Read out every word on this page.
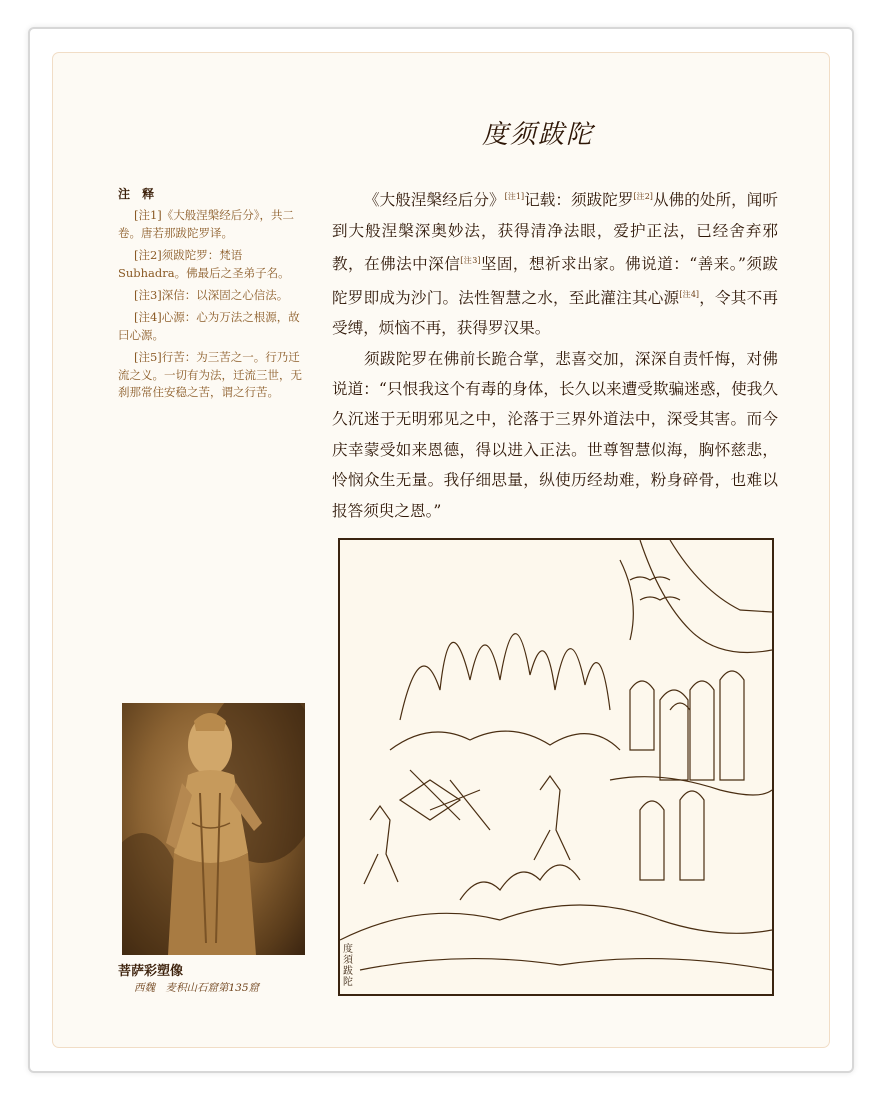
度须跋陀
注 释

[注1]《大般涅槃经后分》，共二卷。唐若那跋陀罗译。

[注2]须跋陀罗：梵语Subhadra。佛最后之圣弟子名。

[注3]深信：以深固之心信法。

[注4]心源：心为万法之根源，故曰心源。

[注5]行苦：为三苦之一。行乃迁流之义。一切有为法，迁流三世，无刹那常住安稳之苦，谓之行苦。

《大般涅槃经后分》[注1]记载：须跋陀罗[注2]从佛的处所，闻听到大般涅槃深奥妙法，获得清净法眼，爱护正法，已经舍弃邪教，在佛法中深信[注3]坚固，想祈求出家。佛说道：“善来。”须跋陀罗即成为沙门。法性智慧之水，至此灌注其心源[注4]，令其不再受缚，烦恼不再，获得罗汉果。

须跋陀罗在佛前长跪合掌，悲喜交加，深深自责忏悔，对佛说道：“只恨我这个有毒的身体，长久以来遭受欺骗迷惑，使我久久沉迷于无明邪见之中，沦落于三界外道法中，深受其害。而今庆幸蒙受如来恩德，得以进入正法。世尊智慧似海，胸怀慈悲，怜悯众生无量。我仔细思量，纵使历经劫难，粉身碎骨，也难以报答须臾之恩。”

菩萨彩塑像
西魏　麦积山石窟第135窟
度須跋陀
